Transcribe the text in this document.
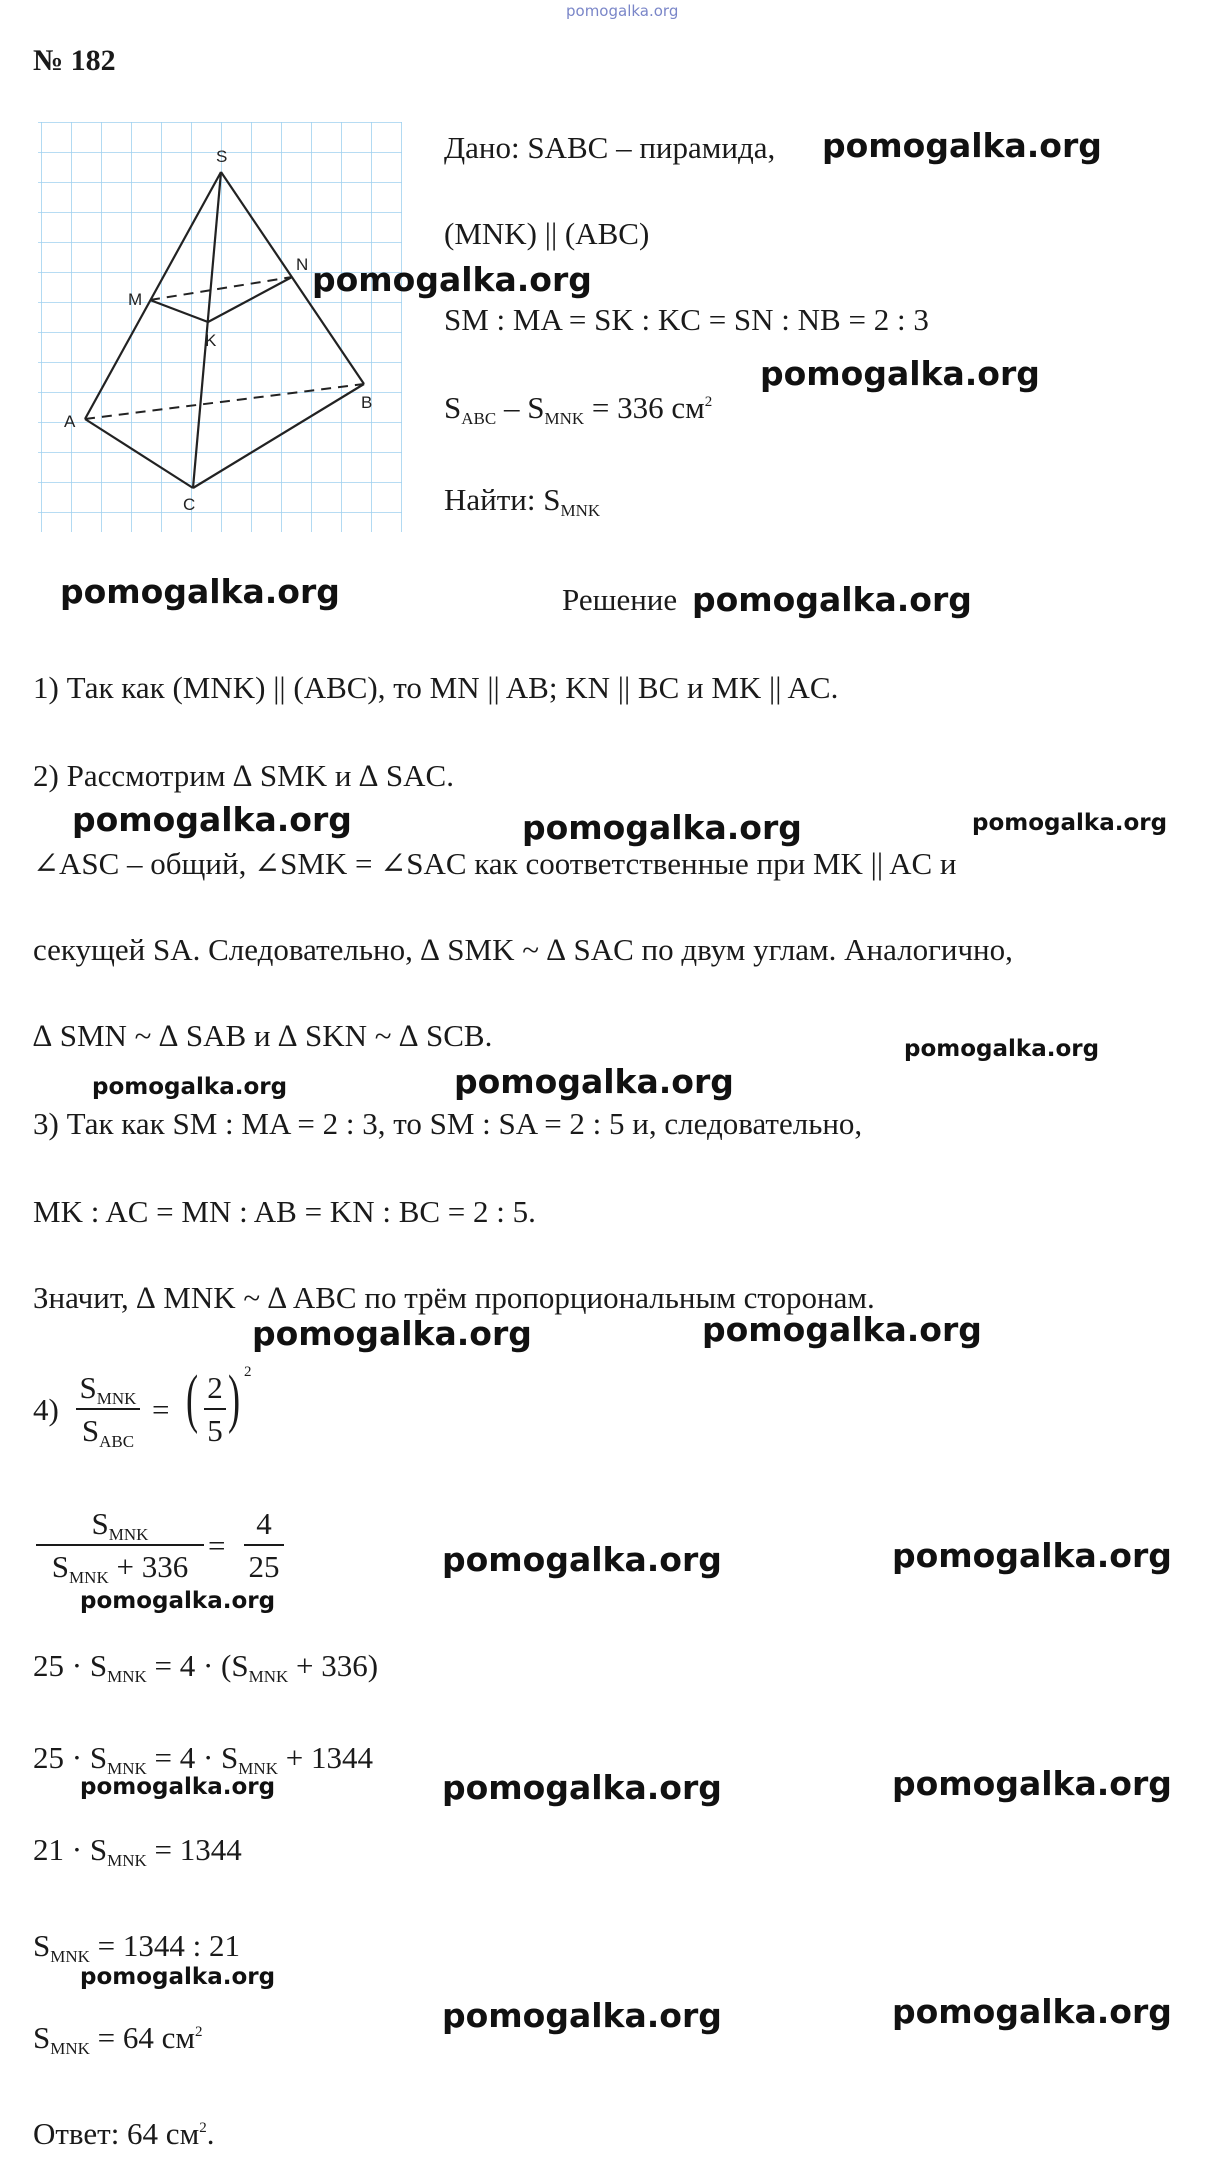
pomogalka.org
№ 182
S
M
N
K
A
B
C
Дано: SABC – пирамида,
(MNK) || (ABC)
SM : MA = SK : KC = SN : NB = 2 : 3
$S_{ABC} - S_{MNK} = 336$ $см^2$
Найти: $S_{MNK}$
Решение
1) Так как (MNK) || (ABC), то MN || AB; KN || BC и MK || AC.
2) Рассмотрим ∆ SMK и ∆ SAC.
∠ASC – общий, ∠SMK = ∠SAC как соответственные при MK || AC и
секущей SA. Следовательно, ∆ SMK ~ ∆ SAC по двум углам. Аналогично,
∆ SMN ~ ∆ SAB и ∆ SKN ~ ∆ SCB.
3) Так как SM : MA = 2 : 3, то SM : SA = 2 : 5 и, следовательно,
MK : AC = MN : AB = KN : BC = 2 : 5.
Значит, ∆ MNK ~ ∆ ABC по трём пропорциональным сторонам.
4)
$S_{MNK}$
$S_{ABC}$
= ( 2
5 ) 2
$S_{MNK}$
$S_{MNK} + 336$
=
4
25
$25 \cdot S_{MNK} = 4 \cdot (S_{MNK} + 336)$
$25 \cdot S_{MNK} = 4 \cdot S_{MNK} + 1344$
$21 \cdot S_{MNK} = 1344$
$S_{MNK} = 1344$ : 21
$S_{MNK} = 64$ $см^2$
Ответ: 64 $см^2$.
pomogalka.org
pomogalka.org
pomogalka.org
pomogalka.org	pomogalka.org
pomogalka.org	pomogalka.org	pomogalka.org
pomogalka.org
pomogalka.org	pomogalka.org
pomogalka.org	pomogalka.org
pomogalka.org	pomogalka.org
pomogalka.org
pomogalka.org	pomogalka.org	pomogalka.org
pomogalka.org
pomogalka.org	pomogalka.org
